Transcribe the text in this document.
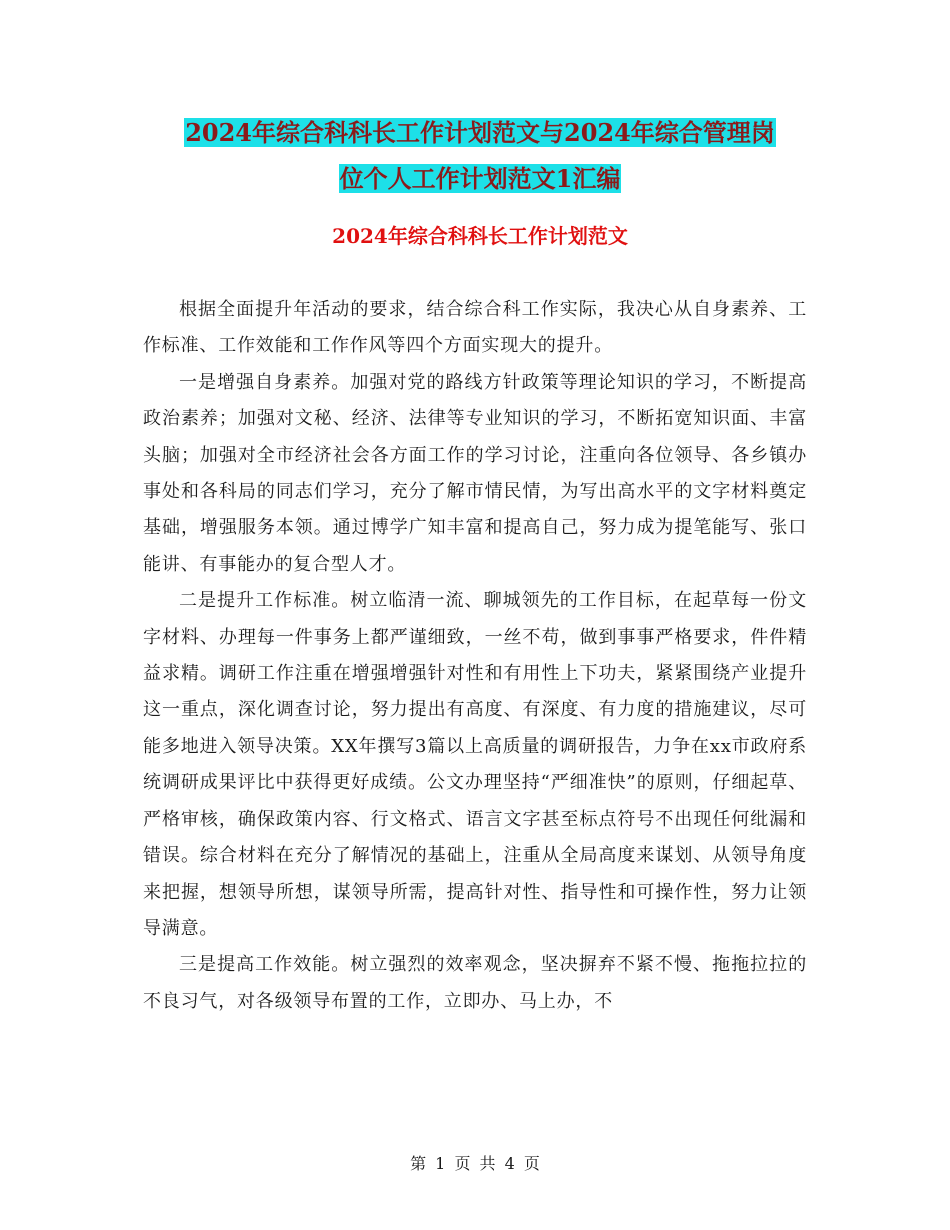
2024年综合科科长工作计划范文与2024年综合管理岗
位个人工作计划范文1汇编
2024年综合科科长工作计划范文

根据全面提升年活动的要求，结合综合科工作实际，我决心从自身素养、工作标准、工作效能和工作作风等四个方面实现大的提升。

一是增强自身素养。加强对党的路线方针政策等理论知识的学习，不断提高政治素养；加强对文秘、经济、法律等专业知识的学习，不断拓宽知识面、丰富头脑；加强对全市经济社会各方面工作的学习讨论，注重向各位领导、各乡镇办事处和各科局的同志们学习，充分了解市情民情，为写出高水平的文字材料奠定基础，增强服务本领。通过博学广知丰富和提高自己，努力成为提笔能写、张口能讲、有事能办的复合型人才。

二是提升工作标准。树立临清一流、聊城领先的工作目标，在起草每一份文字材料、办理每一件事务上都严谨细致，一丝不苟，做到事事严格要求，件件精益求精。调研工作注重在增强增强针对性和有用性上下功夫，紧紧围绕产业提升这一重点，深化调查讨论，努力提出有高度、有深度、有力度的措施建议，尽可能多地进入领导决策。XX年撰写3篇以上高质量的调研报告，力争在xx市政府系统调研成果评比中获得更好成绩。公文办理坚持“严细准快”的原则，仔细起草、严格审核，确保政策内容、行文格式、语言文字甚至标点符号不出现任何纰漏和错误。综合材料在充分了解情况的基础上，注重从全局高度来谋划、从领导角度来把握，想领导所想，谋领导所需，提高针对性、指导性和可操作性，努力让领导满意。

三是提高工作效能。树立强烈的效率观念，坚决摒弃不紧不慢、拖拖拉拉的不良习气，对各级领导布置的工作，立即办、马上办，不

第 1 页 共 4 页
